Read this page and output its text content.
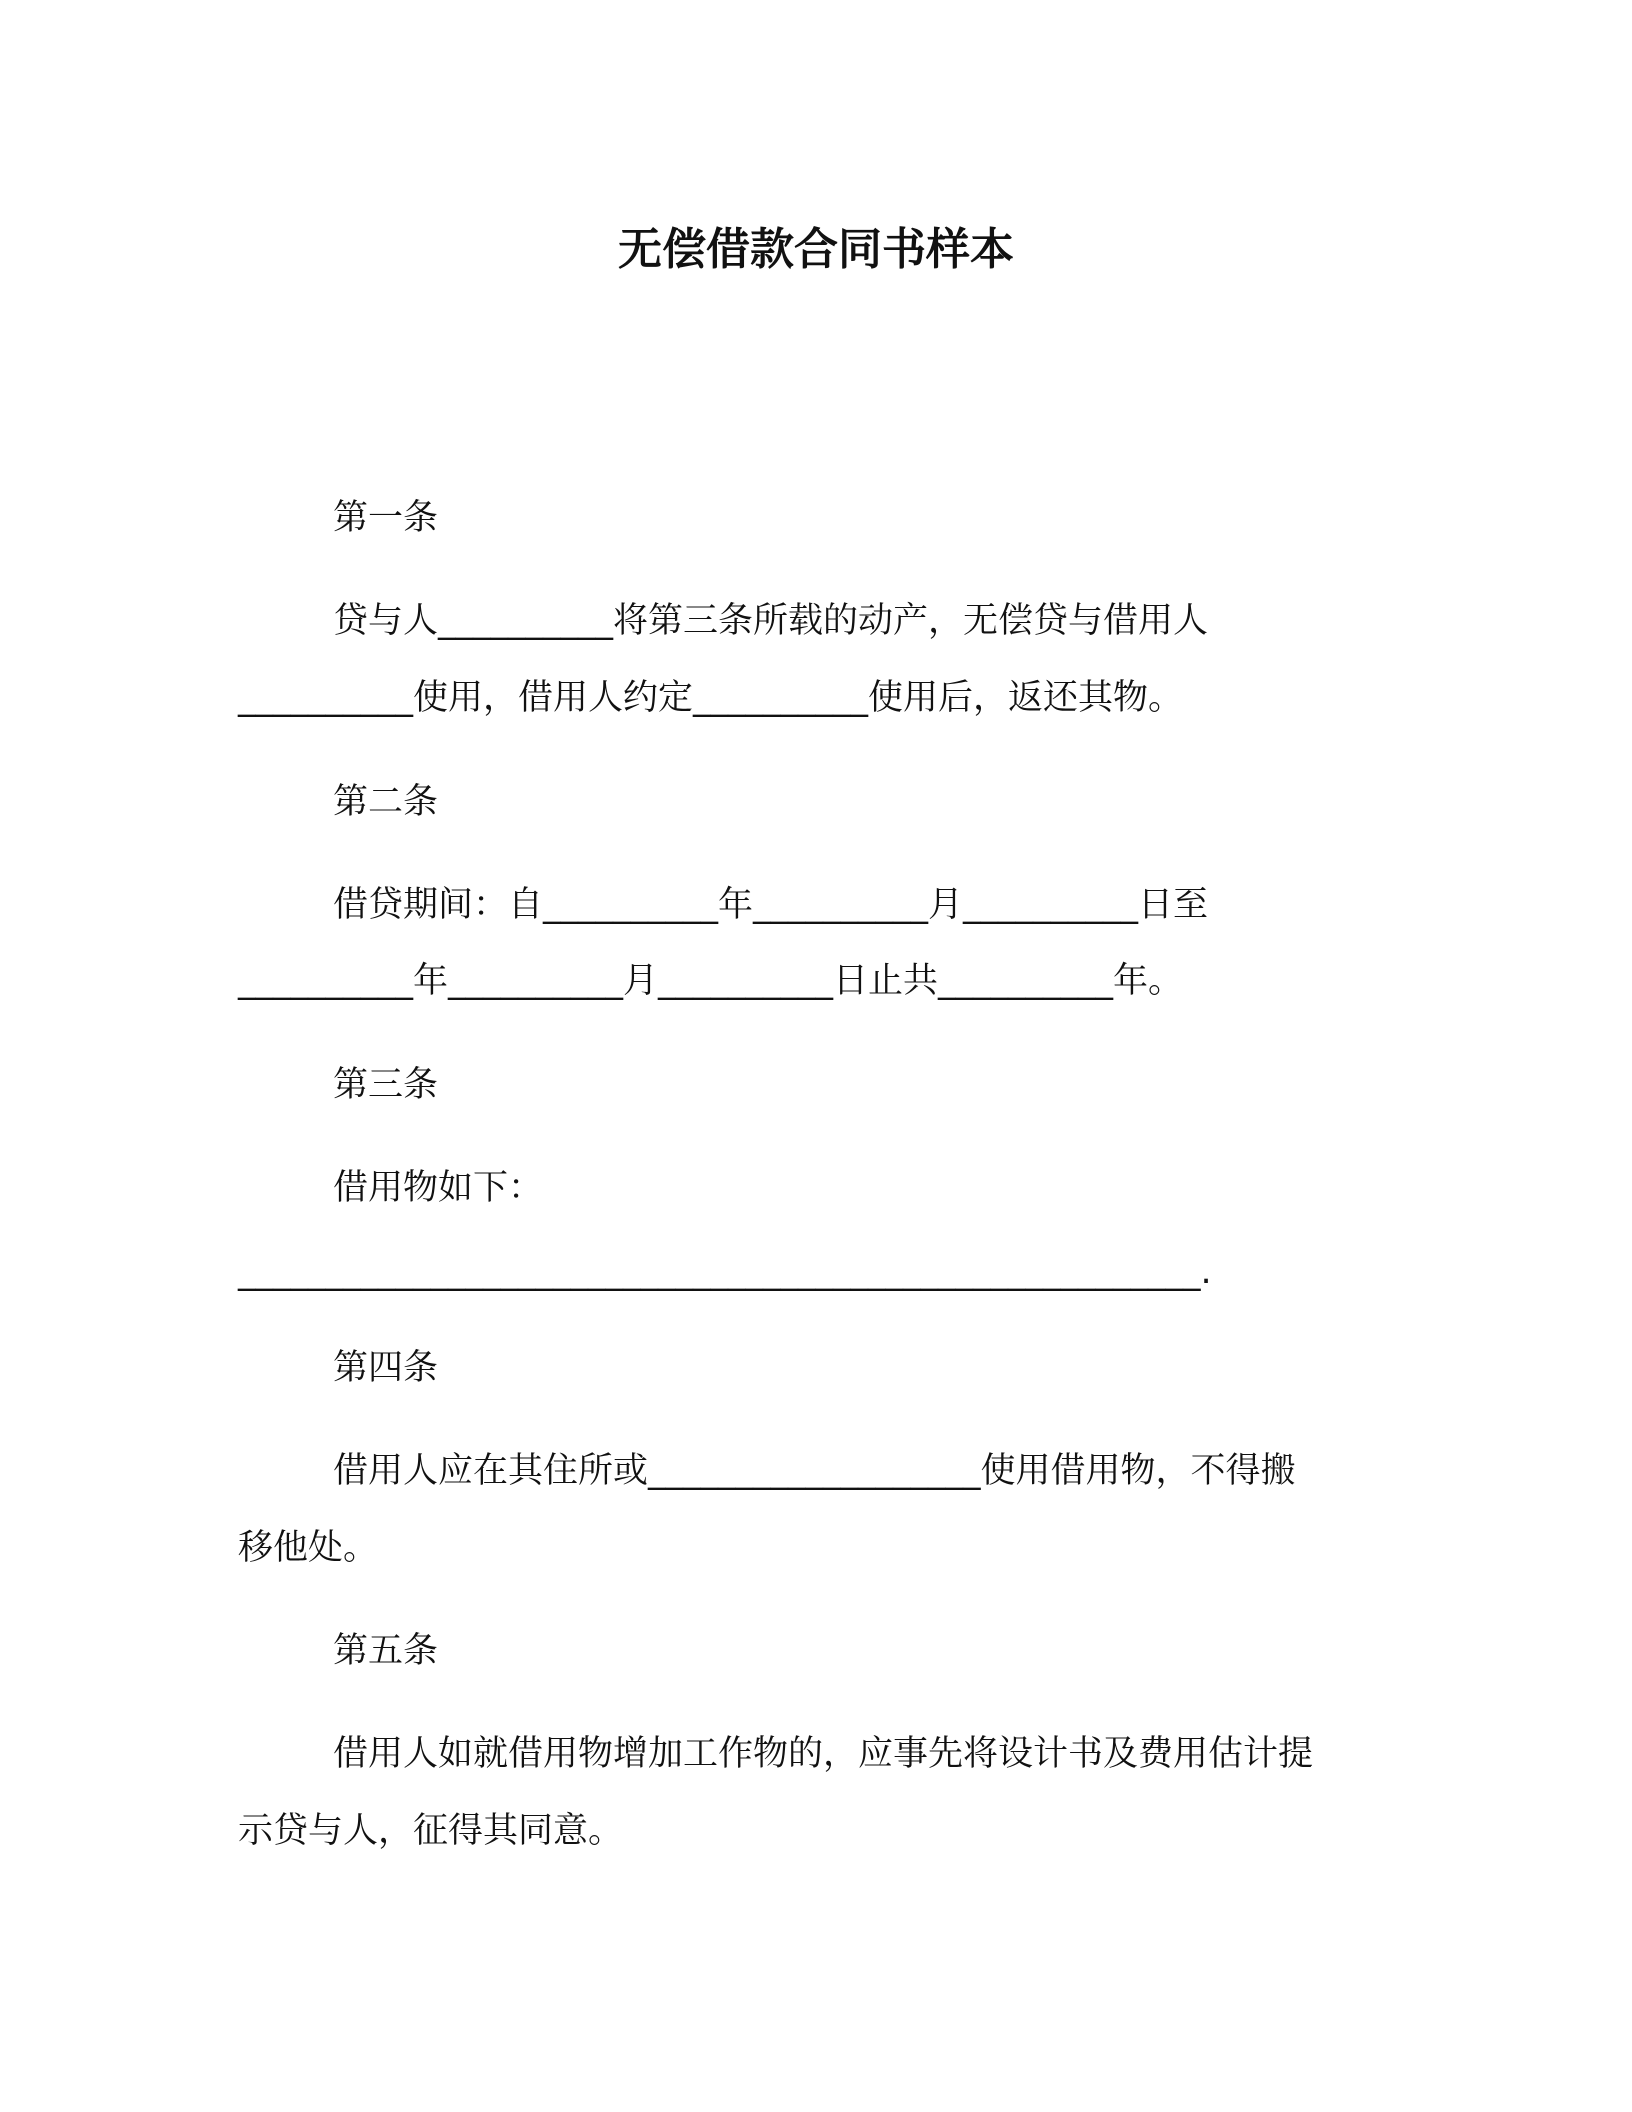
无偿借款合同书样本
第一条
贷与人__________将第三条所载的动产，无偿贷与借用人
__________使用，借用人约定__________使用后，返还其物。
第二条
借贷期间：自__________年__________月__________日至
__________年__________月__________日止共__________年。
第三条
借用物如下：
_______________________________________________________.
第四条
借用人应在其住所或___________________使用借用物，不得搬
移他处。
第五条
借用人如就借用物增加工作物的，应事先将设计书及费用估计提
示贷与人，征得其同意。
